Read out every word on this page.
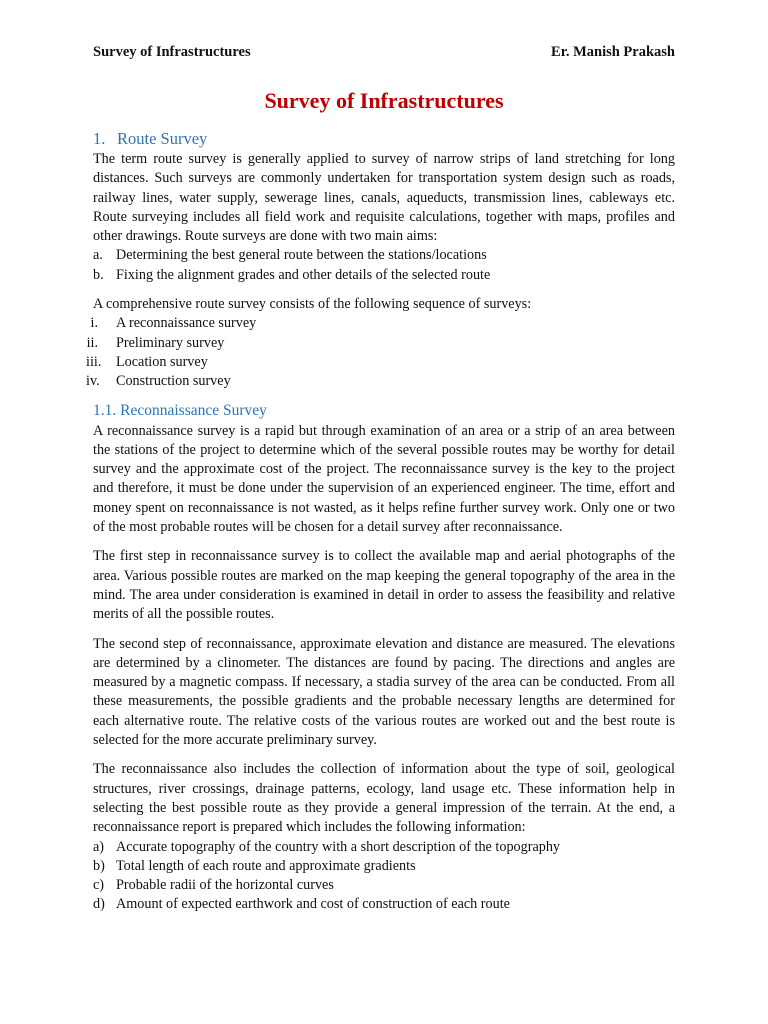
Survey of Infrastructures	Er. Manish Prakash
Survey of Infrastructures
1. Route Survey

The term route survey is generally applied to survey of narrow strips of land stretching for long distances. Such surveys are commonly undertaken for transportation system design such as roads, railway lines, water supply, sewerage lines, canals, aqueducts, transmission lines, cableways etc. Route surveying includes all field work and requisite calculations, together with maps, profiles and other drawings. Route surveys are done with two main aims:

a. Determining the best general route between the stations/locations
b. Fixing the alignment grades and other details of the selected route

A comprehensive route survey consists of the following sequence of surveys:

i. A reconnaissance survey
ii. Preliminary survey
iii. Location survey
iv. Construction survey
1.1. Reconnaissance Survey

A reconnaissance survey is a rapid but through examination of an area or a strip of an area between the stations of the project to determine which of the several possible routes may be worthy for detail survey and the approximate cost of the project. The reconnaissance survey is the key to the project and therefore, it must be done under the supervision of an experienced engineer. The time, effort and money spent on reconnaissance is not wasted, as it helps refine further survey work. Only one or two of the most probable routes will be chosen for a detail survey after reconnaissance.

The first step in reconnaissance survey is to collect the available map and aerial photographs of the area. Various possible routes are marked on the map keeping the general topography of the area in the mind. The area under consideration is examined in detail in order to assess the feasibility and relative merits of all the possible routes.

The second step of reconnaissance, approximate elevation and distance are measured. The elevations are determined by a clinometer. The distances are found by pacing. The directions and angles are measured by a magnetic compass. If necessary, a stadia survey of the area can be conducted. From all these measurements, the possible gradients and the probable necessary lengths are determined for each alternative route. The relative costs of the various routes are worked out and the best route is selected for the more accurate preliminary survey.

The reconnaissance also includes the collection of information about the type of soil, geological structures, river crossings, drainage patterns, ecology, land usage etc. These information help in selecting the best possible route as they provide a general impression of the terrain. At the end, a reconnaissance report is prepared which includes the following information:

a) Accurate topography of the country with a short description of the topography
b) Total length of each route and approximate gradients
c) Probable radii of the horizontal curves
d) Amount of expected earthwork and cost of construction of each route
